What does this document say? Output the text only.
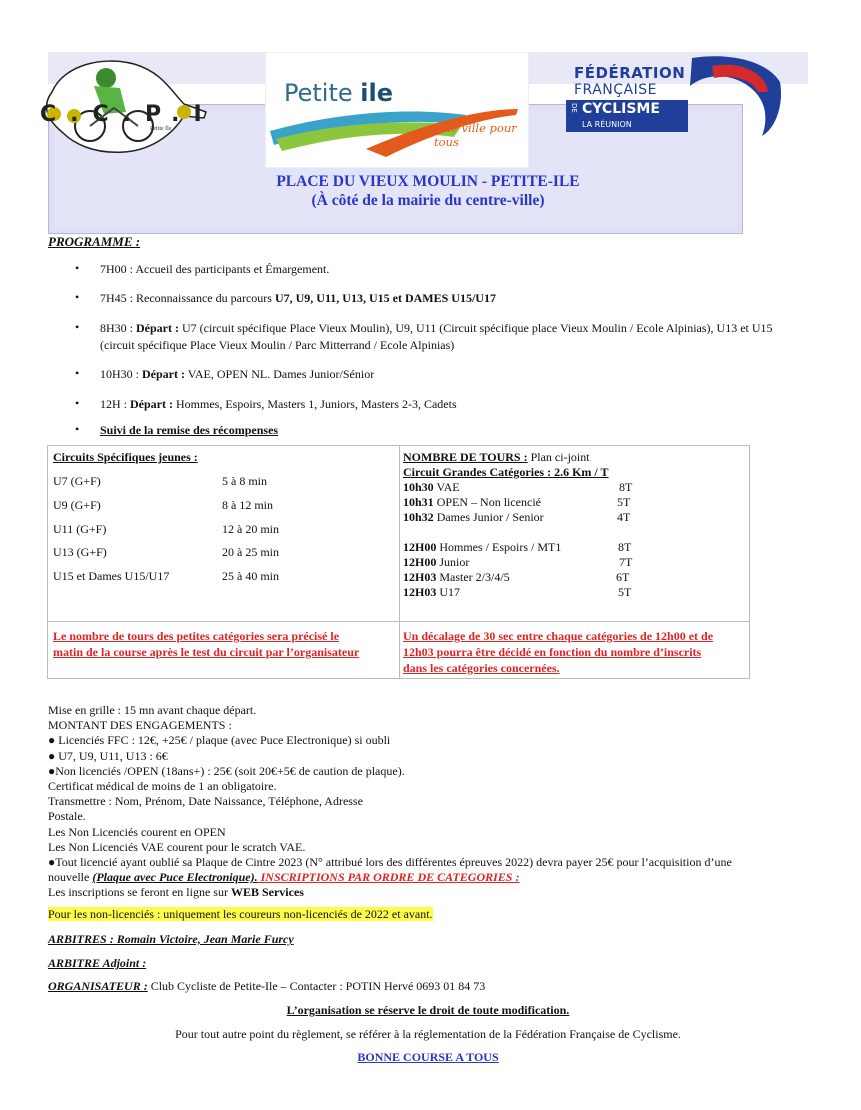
C.C.P.I
Petite Ile
Petite ile
Une ville pour tous
FÉDÉRATION
FRANÇAISE
DE CYCLISME
LA RÉUNION
PLACE DU VIEUX MOULIN - PETITE-ILE
(À côté de la mairie du centre-ville)
PROGRAMME :
• 7H00 : Accueil des participants et Émargement.
• 7H45 : Reconnaissance du parcours U7, U9, U11, U13, U15 et DAMES U15/U17
• 8H30 : Départ : U7 (circuit spécifique Place Vieux Moulin), U9, U11 (Circuit spécifique place Vieux Moulin / Ecole Alpinias), U13 et U15 (circuit spécifique Place Vieux Moulin / Parc Mitterrand / Ecole Alpinias)
• 10H30 : Départ : VAE, OPEN NL. Dames Junior/Sénior
• 12H : Départ : Hommes, Espoirs, Masters 1, Juniors, Masters 2-3, Cadets
• Suivi de la remise des récompenses
Circuits Spécifiques jeunes :
U7 (G+F)	5 à 8 min
U9 (G+F)	8 à 12 min
U11 (G+F)	12 à 20 min
U13 (G+F)	20 à 25 min
U15 et Dames U15/U17	25 à 40 min
NOMBRE DE TOURS : Plan ci-joint
Circuit Grandes Catégories : 2.6 Km / T
10h30 VAE	8T
10h31 OPEN – Non licencié	5T
10h32 Dames Junior / Senior	4T
12H00 Hommes / Espoirs / MT1	8T
12H00 Junior	7T
12H03 Master 2/3/4/5	6T
12H03 U17	5T
Le nombre de tours des petites catégories sera précisé le
matin de la course après le test du circuit par l’organisateur
Un décalage de 30 sec entre chaque catégories de 12h00 et de
12h03 pourra être décidé en fonction du nombre d’inscrits
dans les catégories concernées.
Mise en grille : 15 mn avant chaque départ.
MONTANT DES ENGAGEMENTS :
● Licenciés FFC : 12€, +25€ / plaque (avec Puce Electronique) si oubli
● U7, U9, U11, U13 : 6€
●Non licenciés /OPEN (18ans+) : 25€ (soit 20€+5€ de caution de plaque).
Certificat médical de moins de 1 an obligatoire.
Transmettre : Nom, Prénom, Date Naissance, Téléphone, Adresse
Postale.
Les Non Licenciés courent en OPEN
Les Non Licenciés VAE courent pour le scratch VAE.
●Tout licencié ayant oublié sa Plaque de Cintre 2023 (N° attribué lors des différentes épreuves 2022) devra payer 25€ pour l’acquisition d’une
nouvelle (Plaque avec Puce Electronique). INSCRIPTIONS PAR ORDRE DE CATEGORIES :
Les inscriptions se feront en ligne sur WEB Services
Pour les non-licenciés : uniquement les coureurs non-licenciés de 2022 et avant.
ARBITRES : Romain Victoire, Jean Marie Furcy
ARBITRE Adjoint :
ORGANISATEUR : Club Cycliste de Petite-Ile – Contacter : POTIN Hervé 0693 01 84 73
L’organisation se réserve le droit de toute modification.
Pour tout autre point du règlement, se référer à la réglementation de la Fédération Française de Cyclisme.
BONNE COURSE A TOUS
